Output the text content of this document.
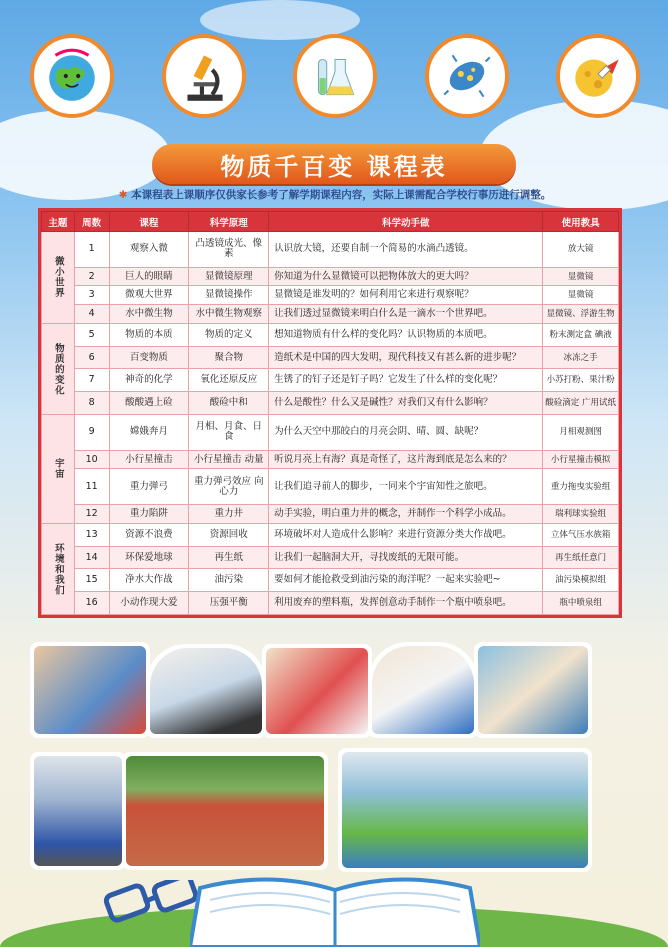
物质千百变 课程表
✱ 本课程表上课顺序仅供家长参考了解学期课程内容，实际上课需配合学校行事历进行调整。
主题	周数	课程	科学原理	科学动手做	使用教具
微小世界	1	观察入微	凸透镜成光、像素	认识放大镜，还要自制一个简易的水滴凸透镜。	放大镜
	2	巨人的眼睛	显微镜原理	你知道为什么显微镜可以把物体放大的更大吗？	显微镜
	3	微观大世界	显微镜操作	显微镜是谁发明的？如何利用它来进行观察呢？	显微镜
	4	水中微生物	水中微生物观察	让我们透过显微镜来明白什么是一滴水一个世界吧。	显微镜、浮游生物
物质的变化	5	物质的本质	物质的定义	想知道物质有什么样的变化吗？认识物质的本质吧。	粉末测定盒 碘液
	6	百变物质	聚合物	造纸术是中国的四大发明，现代科技又有甚么新的进步呢？	冰冻之手
	7	神奇的化学	氧化还原反应	生锈了的钉子还是钉子吗？它发生了什么样的变化呢？	小苏打粉、果汁粉
	8	酸酸遇上硷	酸硷中和	什么是酸性？什么又是碱性？对我们又有什么影响？	酸硷滴定 广用试纸
宇宙	9	嫦娥奔月	月相、月食、日食	为什么天空中那皎白的月亮会阴、晴、圆、缺呢？	月相观测图
	10	小行星撞击	小行星撞击 动量	听说月亮上有海？真是奇怪了，这片海到底是怎么来的？	小行星撞击模拟
	11	重力弹弓	重力弹弓效应 向心力	让我们追寻前人的脚步，一同来个宇宙知性之旅吧。	重力拖曳实验组
	12	重力陷阱	重力井	动手实验，明白重力井的概念，并制作一个科学小成品。	瑞利球实验组
环境和我们	13	资源不浪费	资源回收	环境破坏对人造成什么影响？来进行资源分类大作战吧。	立体气压水族箱
	14	环保爱地球	再生纸	让我们一起脑洞大开，寻找废纸的无限可能。	再生纸任意门
	15	净水大作战	油污染	要如何才能抢救受到油污染的海洋呢？一起来实验吧~	油污染模拟组
	16	小动作现大爱	压强平衡	利用废弃的塑料瓶，发挥创意动手制作一个瓶中喷泉吧。	瓶中喷泉组
